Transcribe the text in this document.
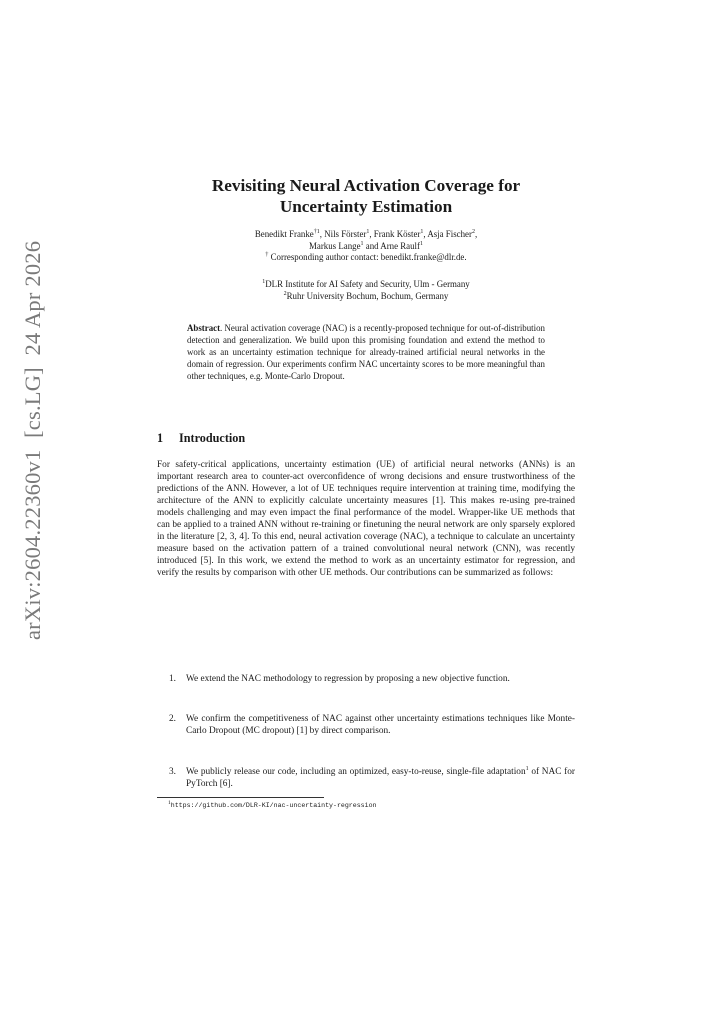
arXiv:2604.22360v1  [cs.LG]  24 Apr 2026
Revisiting Neural Activation Coverage for
Uncertainty Estimation
Benedikt Franke$^{\dagger 1}$, Nils Förster$^1$, Frank Köster$^1$, Asja Fischer$^2$,
Markus Lange$^1$ and Arne Raulf$^1$
† Corresponding author contact: benedikt.franke@dlr.de.
$^1$DLR Institute for AI Safety and Security, Ulm - Germany
$^2$Ruhr University Bochum, Bochum, Germany
Abstract. Neural activation coverage (NAC) is a recently-proposed technique for out-of-distribution detection and generalization. We build upon this promising foundation and extend the method to work as an uncertainty estimation technique for already-trained artificial neural networks in the domain of regression. Our experiments confirm NAC uncertainty scores to be more meaningful than other techniques, e.g. Monte-Carlo Dropout.
1 Introduction
For safety-critical applications, uncertainty estimation (UE) of artificial neural networks (ANNs) is an important research area to counter-act overconfidence of wrong decisions and ensure trustworthiness of the predictions of the ANN. However, a lot of UE techniques require intervention at training time, modifying the architecture of the ANN to explicitly calculate uncertainty measures [1]. This makes re-using pre-trained models challenging and may even impact the final performance of the model. Wrapper-like UE methods that can be applied to a trained ANN without re-training or finetuning the neural network are only sparsely explored in the literature [2, 3, 4]. To this end, neural activation coverage (NAC), a technique to calculate an uncertainty measure based on the activation pattern of a trained convolutional neural network (CNN), was recently introduced [5]. In this work, we extend the method to work as an uncertainty estimator for regression, and verify the results by comparison with other UE methods. Our contributions can be summarized as follows:
1. We extend the NAC methodology to regression by proposing a new objective function.
2. We confirm the competitiveness of NAC against other uncertainty estimations techniques like Monte-Carlo Dropout (MC dropout) [1] by direct comparison.
3. We publicly release our code, including an optimized, easy-to-reuse, single-file adaptation$^1$ of NAC for PyTorch [6].
$^1$https://github.com/DLR-KI/nac-uncertainty-regression
